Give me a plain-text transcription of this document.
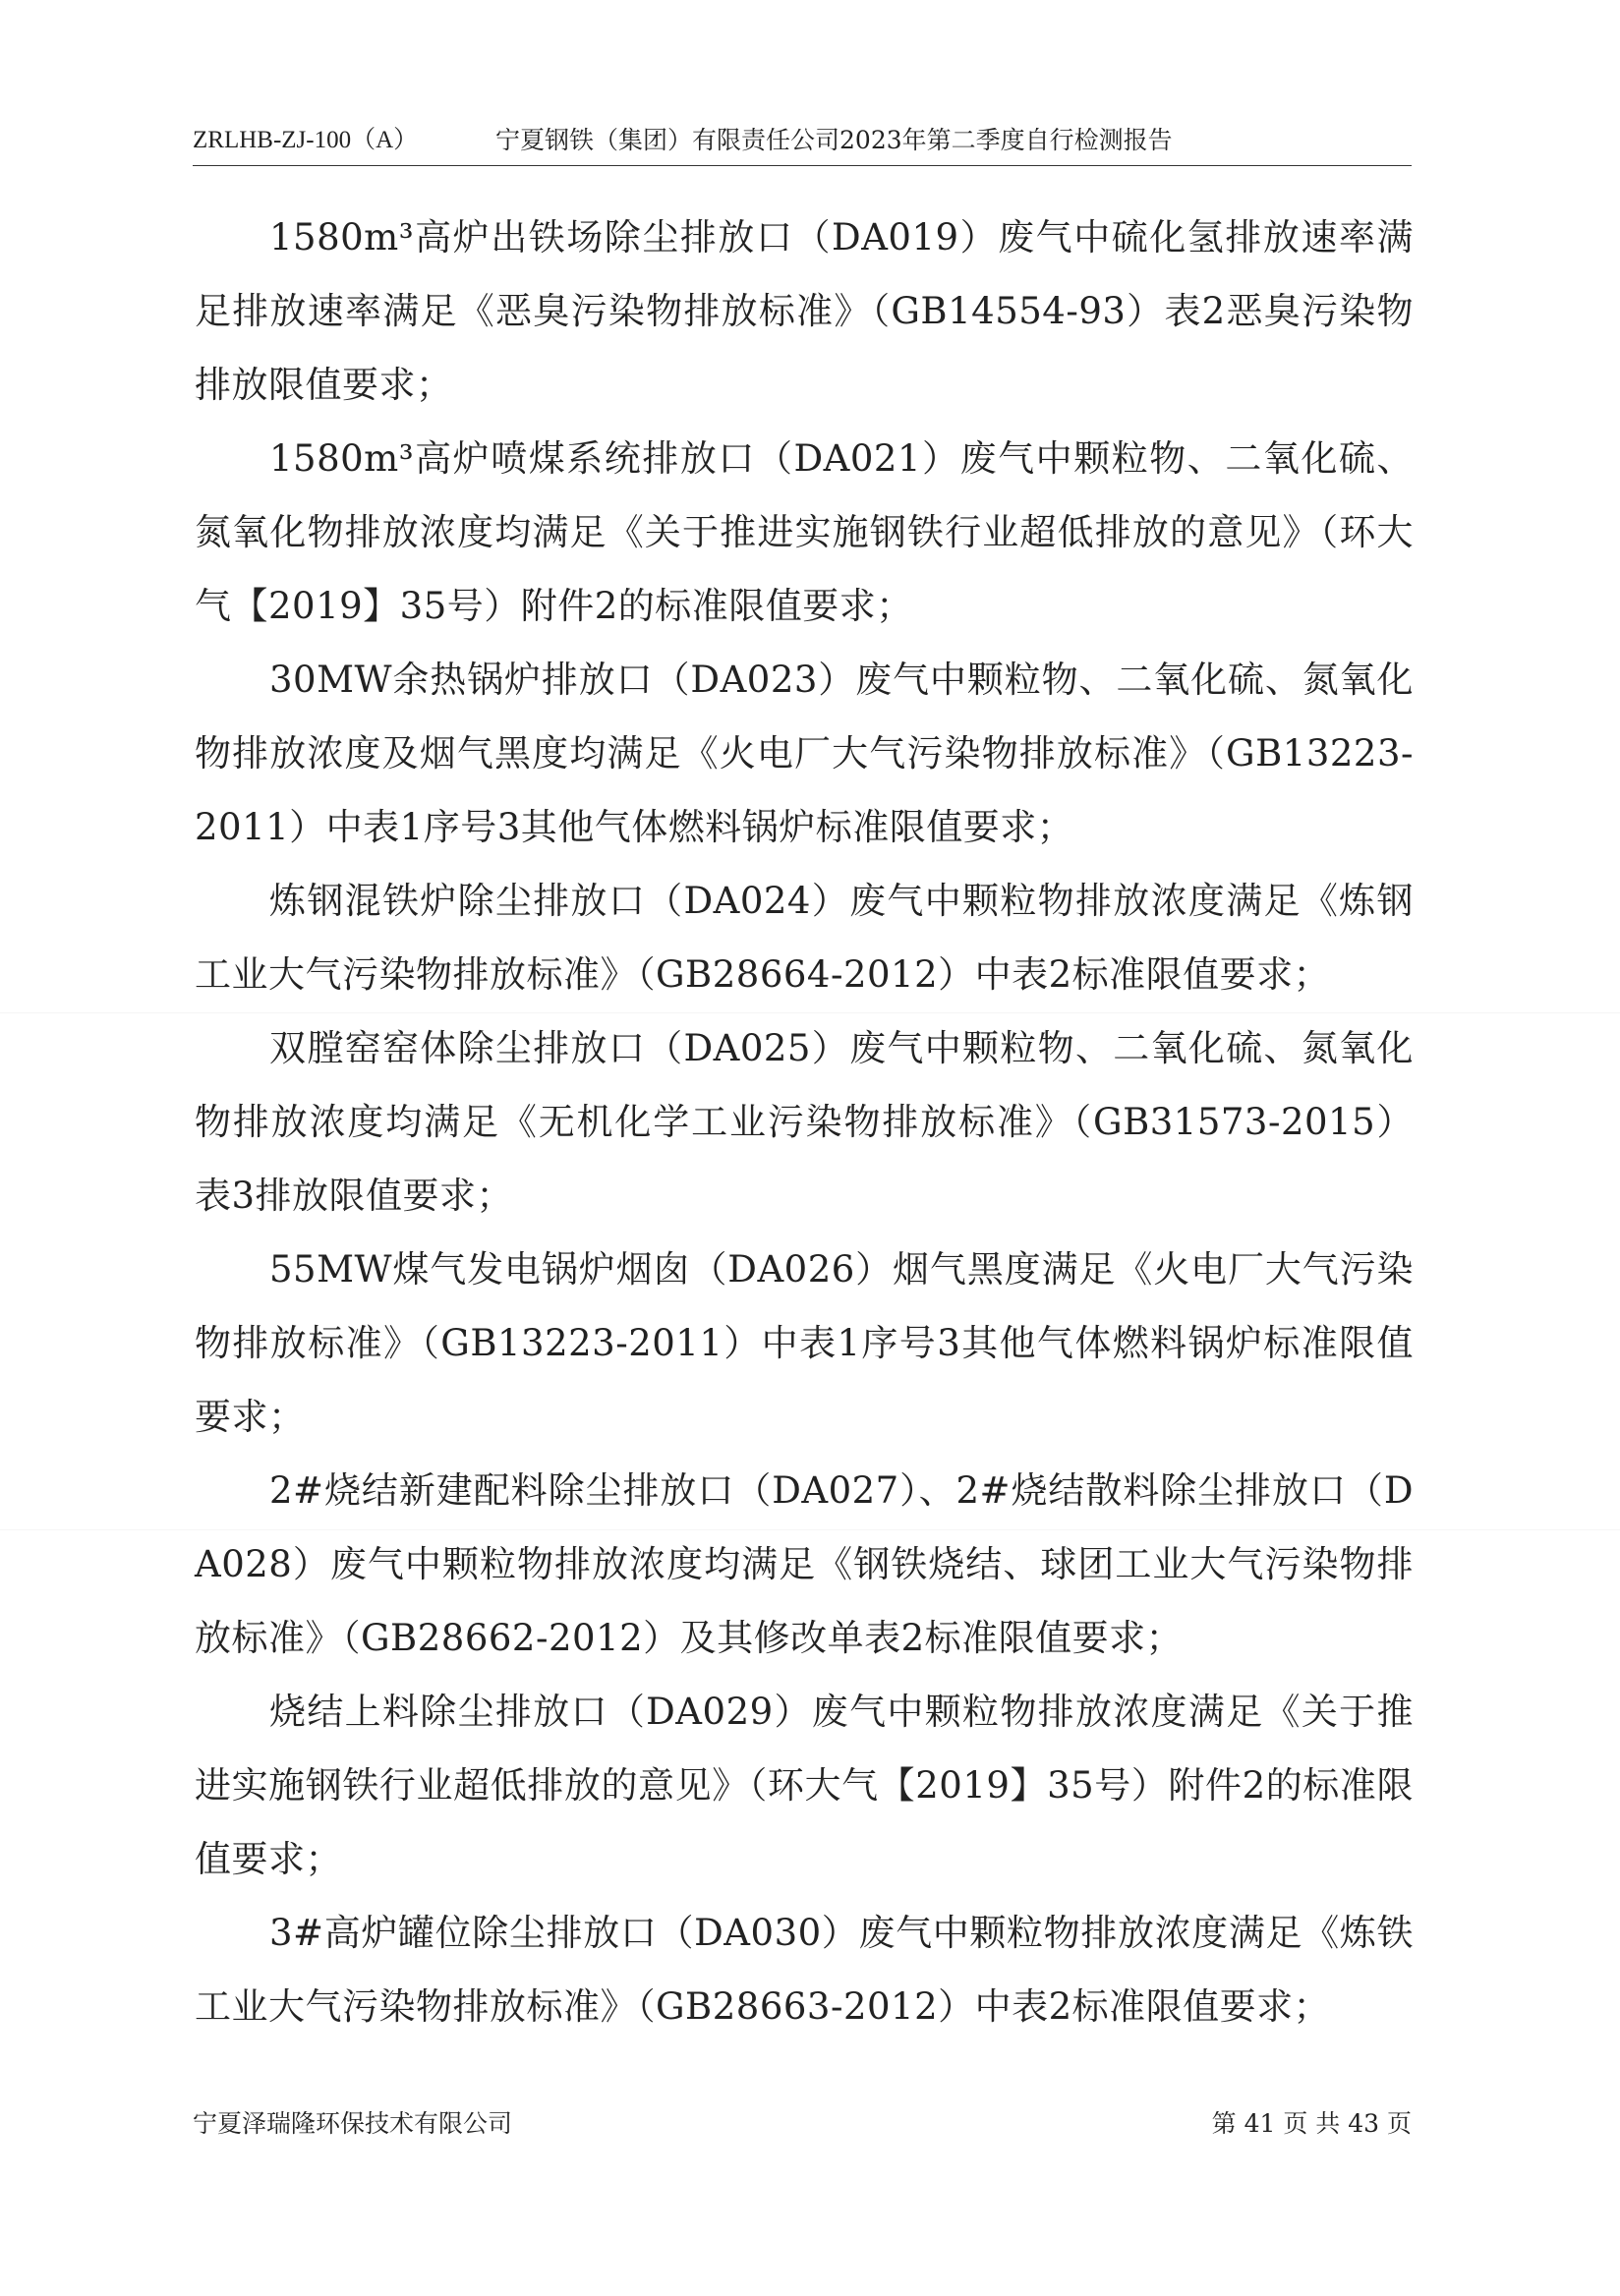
ZRLHB-ZJ-100（A）	宁夏钢铁（集团）有限责任公司2023年第二季度自行检测报告

1580m³高炉出铁场除尘排放口（DA019）废气中硫化氢排放速率满足排放速率满足《恶臭污染物排放标准》（GB14554-93）表2恶臭污染物排放限值要求；

1580m³高炉喷煤系统排放口（DA021）废气中颗粒物、二氧化硫、氮氧化物排放浓度均满足《关于推进实施钢铁行业超低排放的意见》（环大气【2019】35号）附件2的标准限值要求；

30MW余热锅炉排放口（DA023）废气中颗粒物、二氧化硫、氮氧化物排放浓度及烟气黑度均满足《火电厂大气污染物排放标准》（GB13223-2011）中表1序号3其他气体燃料锅炉标准限值要求；

炼钢混铁炉除尘排放口（DA024）废气中颗粒物排放浓度满足《炼钢工业大气污染物排放标准》（GB28664-2012）中表2标准限值要求；

双膛窑窑体除尘排放口（DA025）废气中颗粒物、二氧化硫、氮氧化物排放浓度均满足《无机化学工业污染物排放标准》（GB31573-2015）表3排放限值要求；

55MW煤气发电锅炉烟囱（DA026）烟气黑度满足《火电厂大气污染物排放标准》（GB13223-2011）中表1序号3其他气体燃料锅炉标准限值要求；

2#烧结新建配料除尘排放口（DA027）、2#烧结散料除尘排放口（DA028）废气中颗粒物排放浓度均满足《钢铁烧结、球团工业大气污染物排放标准》（GB28662-2012）及其修改单表2标准限值要求；

烧结上料除尘排放口（DA029）废气中颗粒物排放浓度满足《关于推进实施钢铁行业超低排放的意见》（环大气【2019】35号）附件2的标准限值要求；

3#高炉罐位除尘排放口（DA030）废气中颗粒物排放浓度满足《炼铁工业大气污染物排放标准》（GB28663-2012）中表2标准限值要求；

宁夏泽瑞隆环保技术有限公司	第 41 页 共 43 页
